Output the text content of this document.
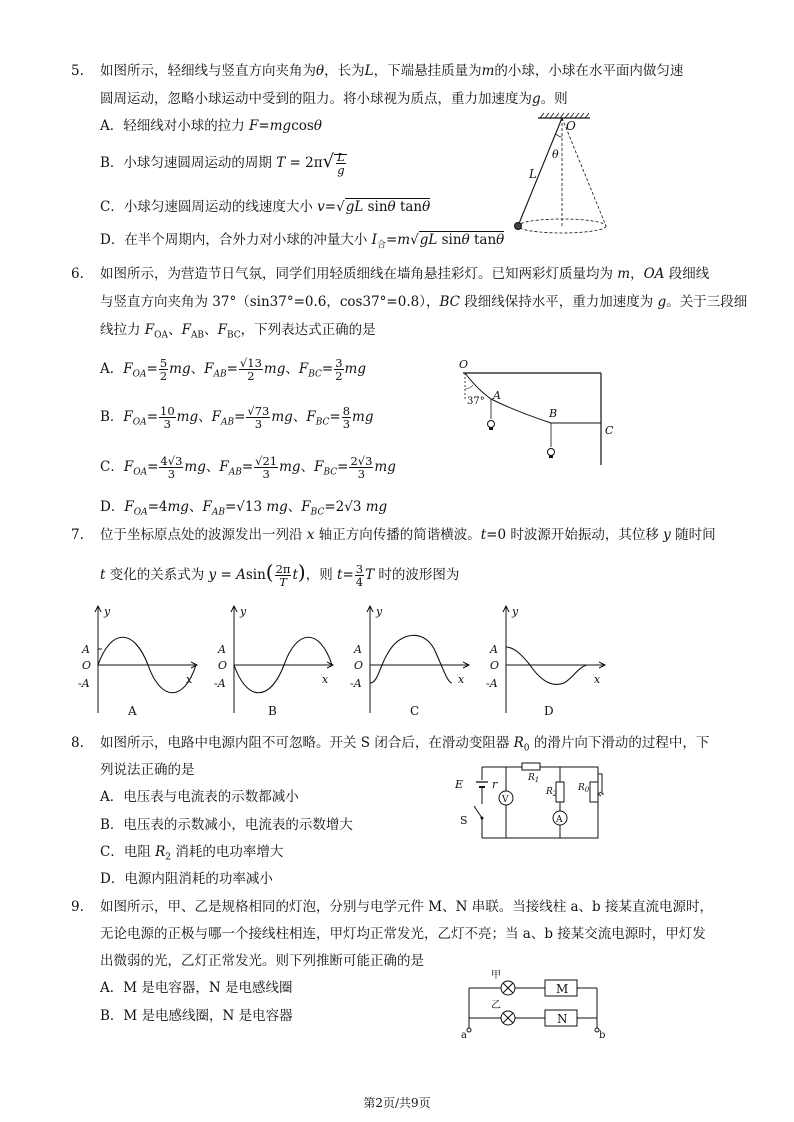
5. 如图所示，轻细线与竖直方向夹角为θ，长为L，下端悬挂质量为m的小球，小球在水平面内做匀速
圆周运动，忽略小球运动中受到的阻力。将小球视为质点，重力加速度为g。则
A．轻细线对小球的拉力 F=mgcosθ
B．小球匀速圆周运动的周期 $T = 2\pi√ \frac{L}{g}$
C．小球匀速圆周运动的线速度大小 v=√gL sinθ tanθ
D．在半个周期内，合外力对小球的冲量大小 $I_合=m√gL$ sinθ tanθ
O
θ
L
6. 如图所示，为营造节日气氛，同学们用轻质细线在墙角悬挂彩灯。已知两彩灯质量均为 m，OA 段细线
与竖直方向夹角为 37°（sin37°=0.6，cos37°=0.8），BC 段细线保持水平，重力加速度为 g。关于三段细
线拉力 $F_{OA}$、$F_{AB}$、$F_{BC}$，下列表达式正确的是
A．$F_{OA}= \frac{5}{2}$ mg、$F_{AB}= \frac{√13}{2}$ mg、$F_{BC}= \frac{3}{2}$ mg
B．$F_{OA}= \frac{10}{3}$ mg、$F_{AB}= \frac{√73}{3}$ mg、$F_{BC}= \frac{8}{3}$ mg
C．$F_{OA}= \frac{4√3}{3}$ mg、$F_{AB}= \frac{√21}{3}$ mg、$F_{BC}= \frac{2√3}{3}$ mg
D．$F_{OA}=4mg$、$F_{AB}=√13$ mg、$F_{BC}=2√3$ mg
O
37° A
B
C
7. 位于坐标原点处的波源发出一列沿 x 轴正方向传播的简谐横波。t=0 时波源开始振动，其位移 y 随时间
t 变化的关系式为 $y = Asin( \frac{2\pi}{T} t)$，则 $t= \frac{3}{4}$ T 时的波形图为
y
A
O
-A	x
A
y
A
O
-A	x
B
y
A
O
-A	x
C
y
A
O
-A	x
D
8. 如图所示，电路中电源内阻不可忽略。开关 S 闭合后，在滑动变阻器 $R_0$ 的滑片向下滑动的过程中，下
列说法正确的是
A．电压表与电流表的示数都减小
B．电压表的示数减小，电流表的示数增大
C．电阻 $R_2$ 消耗的电功率增大
D．电源内阻消耗的功率减小
E	r
S
V
$R_1$
$R_2$
A
$R_0$
9. 如图所示，甲、乙是规格相同的灯泡，分别与电学元件 M、N 串联。当接线柱 a、b 接某直流电源时，
无论电源的正极与哪一个接线柱相连，甲灯均正常发光，乙灯不亮；当 a、b 接某交流电源时，甲灯发
出微弱的光，乙灯正常发光。则下列推断可能正确的是
A．M 是电容器，N 是电感线圈
B．M 是电感线圈，N 是电容器
甲
乙
M
N
a	b
第2页/共9页
